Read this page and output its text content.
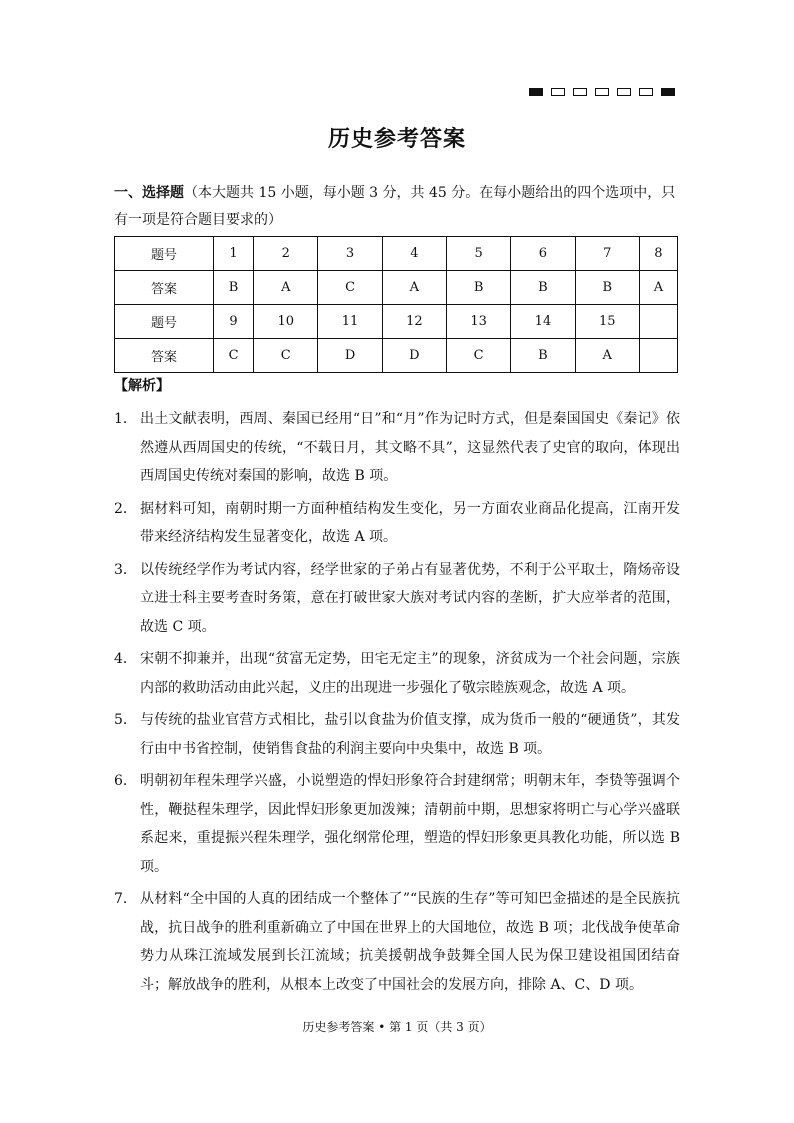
历史参考答案
一、选择题（本大题共 15 小题，每小题 3 分，共 45 分。在每小题给出的四个选项中，只有一项是符合题目要求的）
题号	1	2	3	4	5	6	7	8
答案	B	A	C	A	B	B	B	A
题号	9	10	11	12	13	14	15	
答案	C	C	D	D	C	B	A	
【解析】
1． 出土文献表明，西周、秦国已经用“日”和“月”作为记时方式，但是秦国国史《秦记》依然遵从西周国史的传统，“不载日月，其文略不具”，这显然代表了史官的取向，体现出西周国史传统对秦国的影响，故选 B 项。
2． 据材料可知，南朝时期一方面种植结构发生变化，另一方面农业商品化提高，江南开发带来经济结构发生显著变化，故选 A 项。
3． 以传统经学作为考试内容，经学世家的子弟占有显著优势，不利于公平取士，隋炀帝设立进士科主要考查时务策，意在打破世家大族对考试内容的垄断，扩大应举者的范围，故选 C 项。
4． 宋朝不抑兼并，出现“贫富无定势，田宅无定主”的现象，济贫成为一个社会问题，宗族内部的救助活动由此兴起，义庄的出现进一步强化了敬宗睦族观念，故选 A 项。
5． 与传统的盐业官营方式相比，盐引以食盐为价值支撑，成为货币一般的“硬通货”，其发行由中书省控制，使销售食盐的利润主要向中央集中，故选 B 项。
6． 明朝初年程朱理学兴盛，小说塑造的悍妇形象符合封建纲常；明朝末年，李贽等强调个性，鞭挞程朱理学，因此悍妇形象更加泼辣；清朝前中期，思想家将明亡与心学兴盛联系起来，重提振兴程朱理学，强化纲常伦理，塑造的悍妇形象更具教化功能，所以选 B 项。
7． 从材料“全中国的人真的团结成一个整体了”“民族的生存”等可知巴金描述的是全民族抗战，抗日战争的胜利重新确立了中国在世界上的大国地位，故选 B 项；北伐战争使革命势力从珠江流域发展到长江流域；抗美援朝战争鼓舞全国人民为保卫建设祖国团结奋斗；解放战争的胜利，从根本上改变了中国社会的发展方向，排除 A、C、D 项。
历史参考答案 • 第 1 页（共 3 页）
